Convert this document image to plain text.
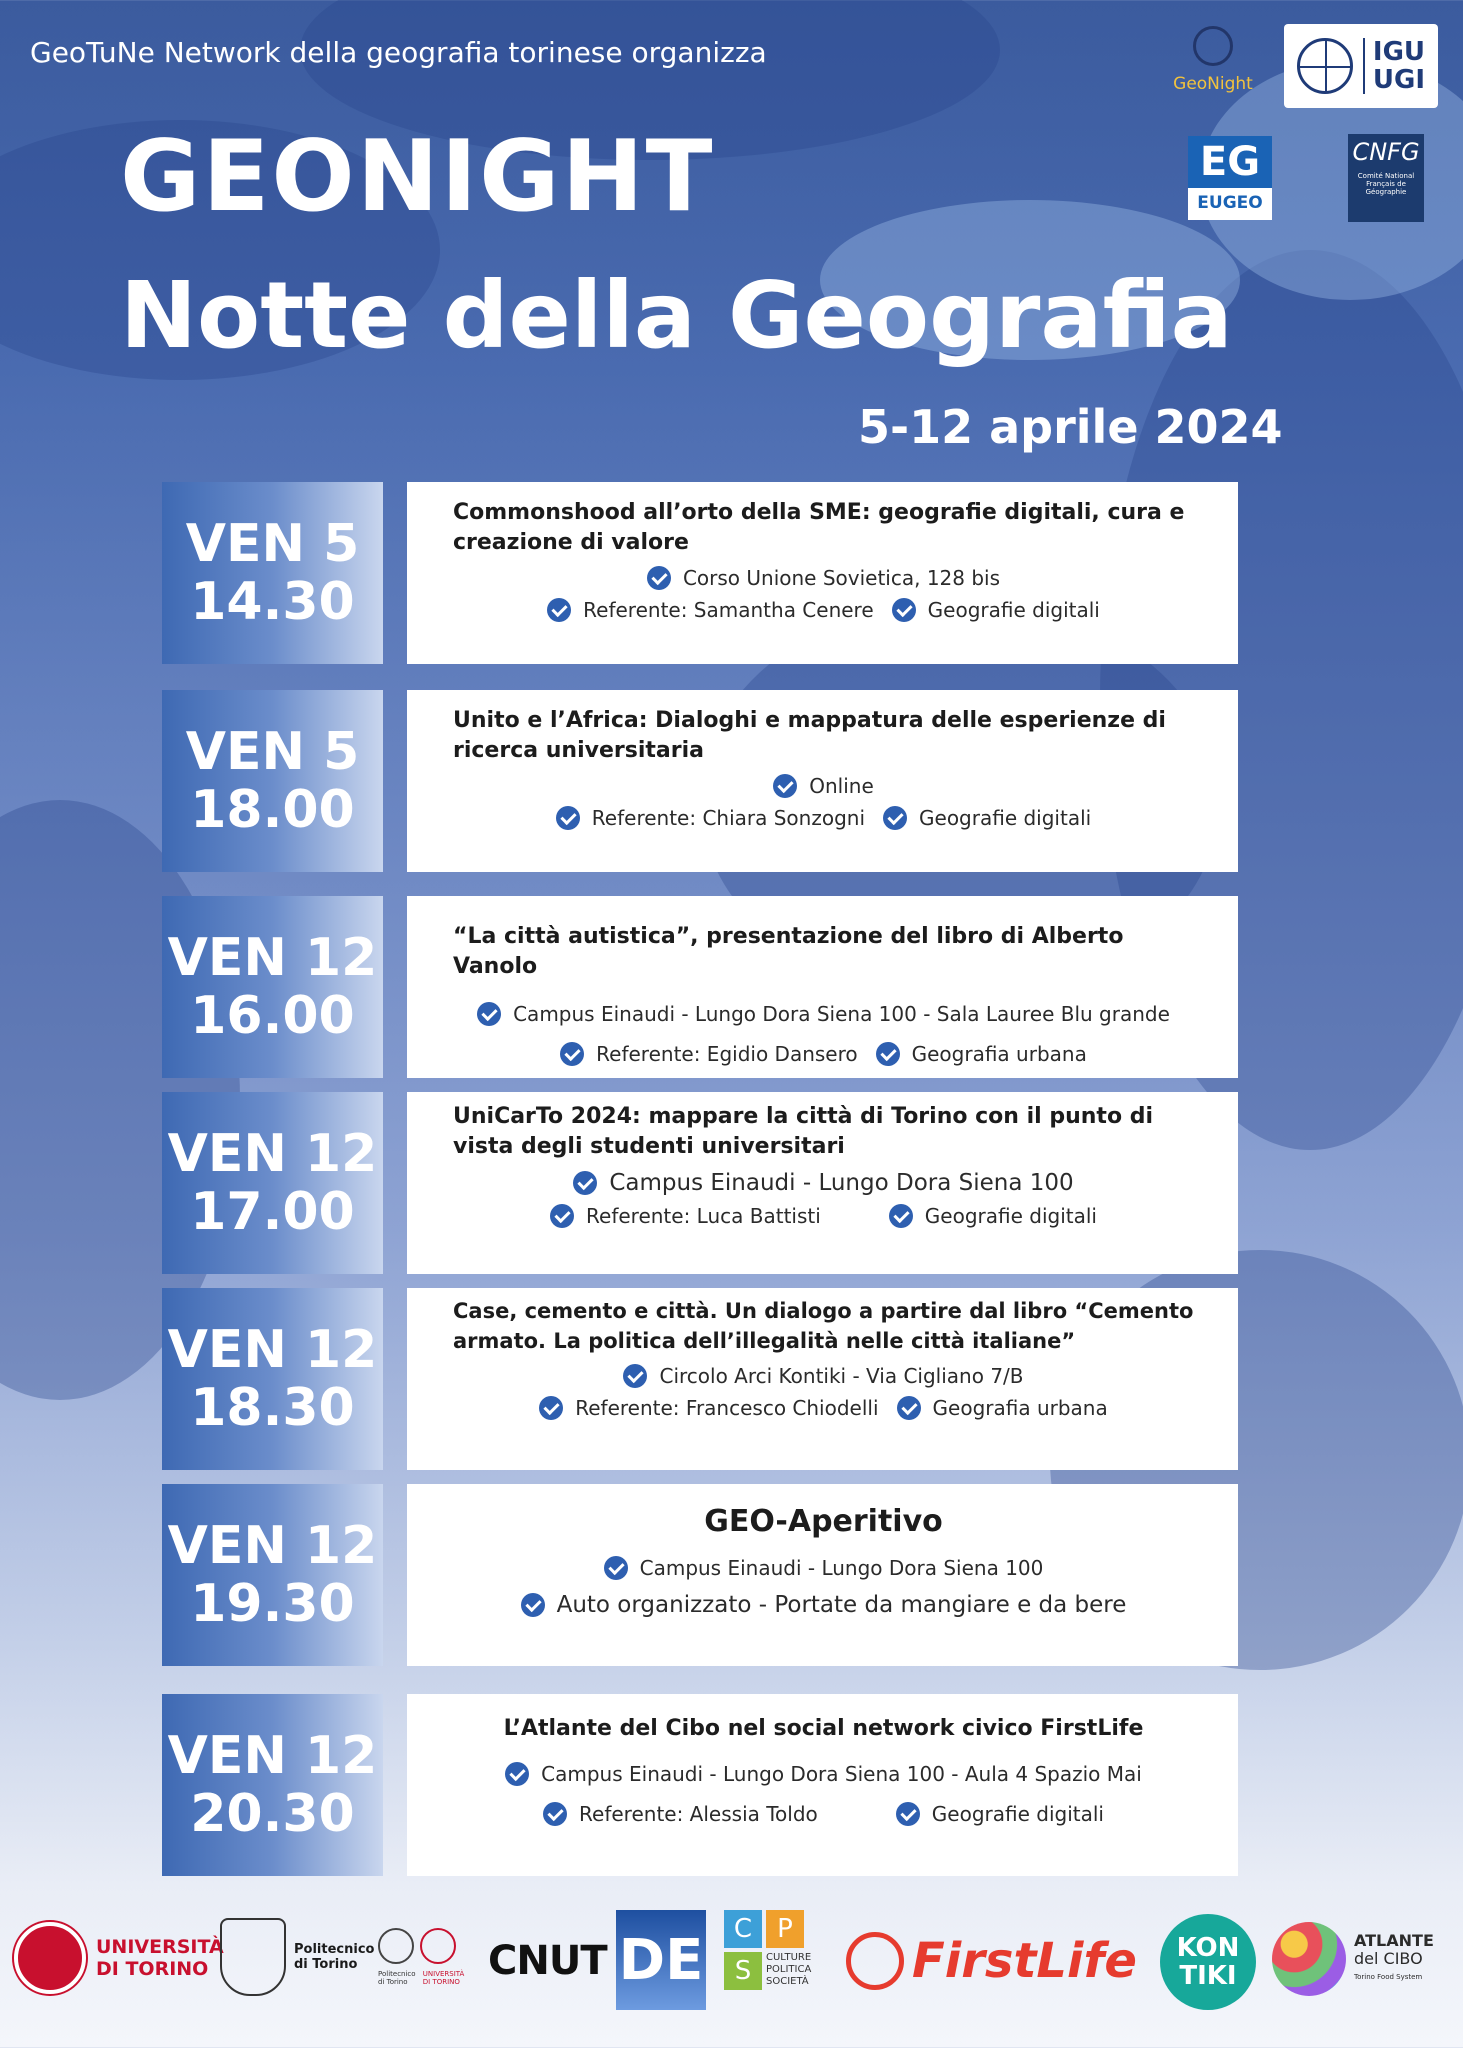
GeoTuNe Network della geografia torinese organizza
GEONIGHT
Notte della Geografia
5-12 aprile 2024
GeoNight
IGU
UGI
EG
EUGEO
CNFG
Comité National Français de Géographie
VEN 5
14.30
Commonshood all’orto della SME: geografie digitali, cura e creazione di valore
Corso Unione Sovietica, 128 bis
Referente: Samantha Cenere	Geografie digitali
VEN 5
18.00
Unito e l’Africa: Dialoghi e mappatura delle esperienze di ricerca universitaria
Online
Referente: Chiara Sonzogni	Geografie digitali
VEN 12
16.00
“La città autistica”, presentazione del libro di Alberto Vanolo
Campus Einaudi - Lungo Dora Siena 100 - Sala Lauree Blu grande
Referente: Egidio Dansero	Geografia urbana
VEN 12
17.00
UniCarTo 2024: mappare la città di Torino con il punto di vista degli studenti universitari
Campus Einaudi - Lungo Dora Siena 100
Referente: Luca Battisti	Geografie digitali
VEN 12
18.30
Case, cemento e città. Un dialogo a partire dal libro “Cemento armato. La politica dell’illegalità nelle città italiane”
Circolo Arci Kontiki - Via Cigliano 7/B
Referente: Francesco Chiodelli	Geografia urbana
VEN 12
19.30
GEO-Aperitivo
Campus Einaudi - Lungo Dora Siena 100
Auto organizzato - Portate da mangiare e da bere
VEN 12
20.30
L’Atlante del Cibo nel social network civico FirstLife
Campus Einaudi - Lungo Dora Siena 100 - Aula 4 Spazio Mai
Referente: Alessia Toldo	Geografie digitali
UNIVERSITÀ
DI TORINO
Politecnico
di Torino
Politecnico di Torino
UNIVERSITÀ DI TORINO CNUT DE	C P
S	CULTURE
POLITICA
SOCIETÀ FirstLife KON
TIKI
ATLANTE
del CIBO
Torino Food System
